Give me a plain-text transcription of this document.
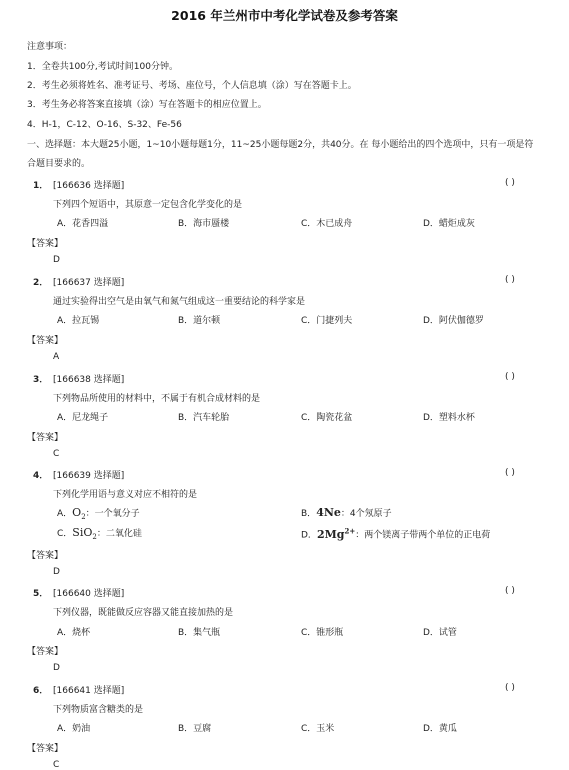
2016 年兰州市中考化学试卷及参考答案
注意事项：
1．全卷共100分,考试时间100分钟。
2．考生必须将姓名、准考证号、考场、座位号，个人信息填（涂）写在答题卡上。
3．考生务必将答案直接填（涂）写在答题卡的相应位置上。
4．H-1，C-12、O-16、S-32、Fe-56
一、选择题：本大题25小题，1~10小题每题1分，11~25小题每题2分，共40分。在 每小题给出的四个选项中，只有一项是符
合题目要求的。
1． [166636 选择题]	( )
下列四个短语中，其原意一定包含化学变化的是
A．花香四溢	B．海市蜃楼	C．木已成舟	D．蜡炬成灰
【答案】
D
2． [166637 选择题]	( )
通过实验得出空气是由氧气和氮气组成这一重要结论的科学家是
A．拉瓦锡	B．道尔顿	C．门捷列夫	D．阿伏伽德罗
【答案】
A
3． [166638 选择题]	( )
下列物品所使用的材料中，不属于有机合成材料的是
A．尼龙绳子	B．汽车轮胎	C．陶瓷花盆	D．塑料水杯
【答案】
C
4． [166639 选择题]	( )
下列化学用语与意义对应不相符的是
A．$O_2$：一个氧分子	B．4Ne：4个氖原子
C．SiO$_2$：二氧化硅	D．$2Mg^{2+}$：两个镁离子带两个单位的正电荷
【答案】
D
5． [166640 选择题]	( )
下列仪器，既能做反应容器又能直接加热的是
A．烧杯	B．集气瓶	C．锥形瓶	D．试管
【答案】
D
6． [166641 选择题]	( )
下列物质富含糖类的是
A．奶油	B．豆腐	C．玉米	D．黄瓜
【答案】
C
